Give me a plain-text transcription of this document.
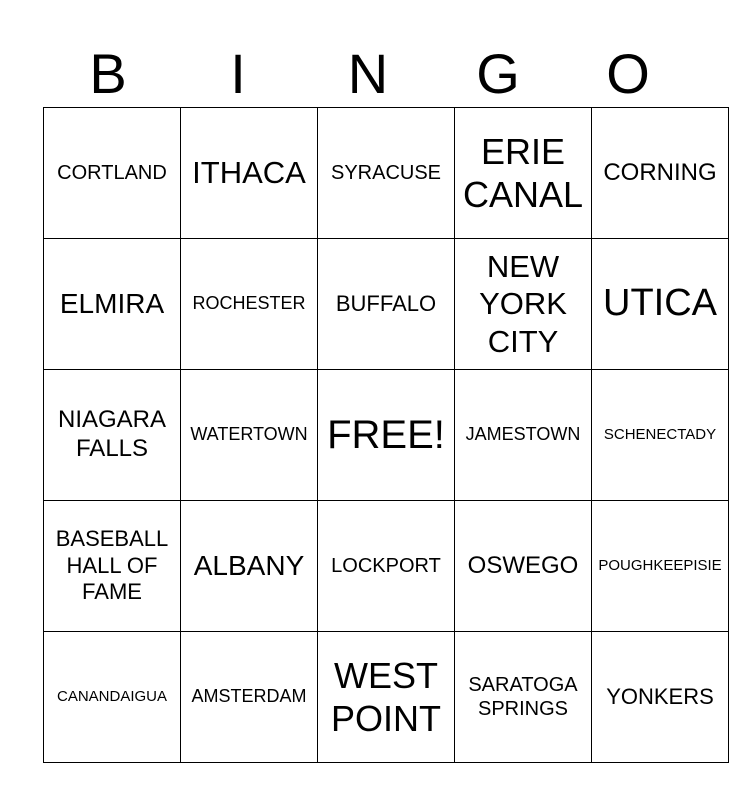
B	I	N	G	O
CORTLAND	ITHACA	SYRACUSE	ERIE CANAL	CORNING
ELMIRA	ROCHESTER	BUFFALO	NEW YORK CITY	UTICA
NIAGARA FALLS	WATERTOWN	FREE!	JAMESTOWN	SCHENECTADY
BASEBALL HALL OF FAME	ALBANY	LOCKPORT	OSWEGO	POUGHKEEPISIE
CANANDAIGUA	AMSTERDAM	WEST POINT	SARATOGA SPRINGS	YONKERS
